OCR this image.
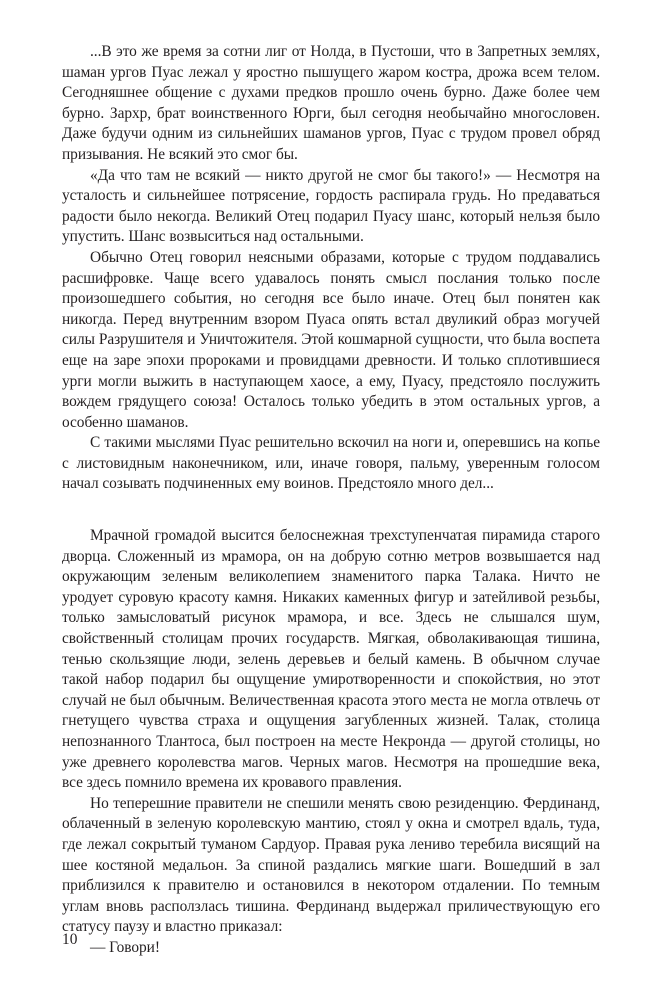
...В это же время за сотни лиг от Нолда, в Пустоши, что в Запретных землях, шаман ургов Пуас лежал у яростно пышущего жаром костра, дрожа всем телом. Сегодняшнее общение с духами предков прошло очень бурно. Даже более чем бурно. Зархр, брат воинственного Юрги, был сегодня необычайно многословен. Даже будучи одним из сильнейших шаманов ургов, Пуас с трудом провел обряд призывания. Не всякий это смог бы.

«Да что там не всякий — никто другой не смог бы такого!» — Несмотря на усталость и сильнейшее потрясение, гордость распирала грудь. Но предаваться радости было некогда. Великий Отец подарил Пуасу шанс, который нельзя было упустить. Шанс возвыситься над остальными.

Обычно Отец говорил неясными образами, которые с трудом поддавались расшифровке. Чаще всего удавалось понять смысл послания только после произошедшего события, но сегодня все было иначе. Отец был понятен как никогда. Перед внутренним взором Пуаса опять встал двуликий образ могучей силы Разрушителя и Уничтожителя. Этой кошмарной сущности, что была воспета еще на заре эпохи пророками и провидцами древности. И только сплотившиеся урги могли выжить в наступающем хаосе, а ему, Пуасу, предстояло послужить вождем грядущего союза! Осталось только убедить в этом остальных ургов, а особенно шаманов.

С такими мыслями Пуас решительно вскочил на ноги и, оперевшись на копье с листовидным наконечником, или, иначе говоря, пальму, уверенным голосом начал созывать подчиненных ему воинов. Предстояло много дел...

Мрачной громадой высится белоснежная трехступенчатая пирамида старого дворца. Сложенный из мрамора, он на добрую сотню метров возвышается над окружающим зеленым великолепием знаменитого парка Талака. Ничто не уродует суровую красоту камня. Никаких каменных фигур и затейливой резьбы, только замысловатый рисунок мрамора, и все. Здесь не слышался шум, свойственный столицам прочих государств. Мягкая, обволакивающая тишина, тенью скользящие люди, зелень деревьев и белый камень. В обычном случае такой набор подарил бы ощущение умиротворенности и спокойствия, но этот случай не был обычным. Величественная красота этого места не могла отвлечь от гнетущего чувства страха и ощущения загубленных жизней. Талак, столица непознанного Тлантоса, был построен на месте Некронда — другой столицы, но уже древнего королевства магов. Черных магов. Несмотря на прошедшие века, все здесь помнило времена их кровавого правления.

Но теперешние правители не спешили менять свою резиденцию. Фердинанд, облаченный в зеленую королевскую мантию, стоял у окна и смотрел вдаль, туда, где лежал сокрытый туманом Сардуор. Правая рука лениво теребила висящий на шее костяной медальон. За спиной раздались мягкие шаги. Вошедший в зал приблизился к правителю и остановился в некотором отдалении. По темным углам вновь расползлась тишина. Фердинанд выдержал приличествующую его статусу паузу и властно приказал:

— Говори!

10
